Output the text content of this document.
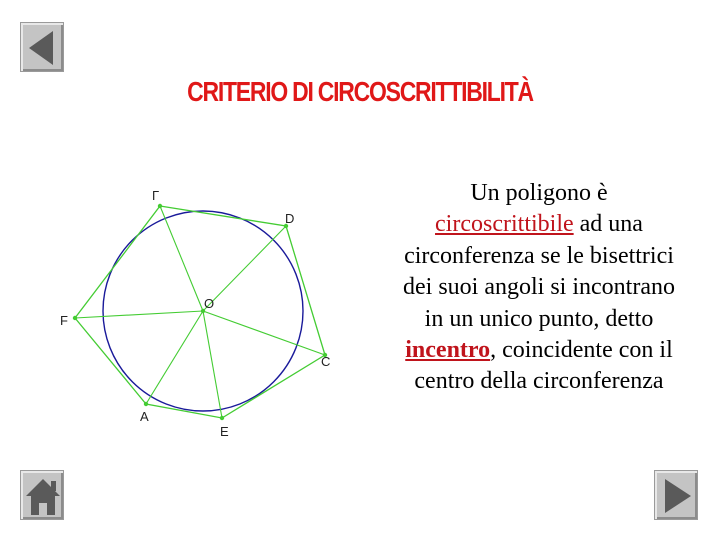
CRITERIO DI CIRCOSCRITTIBILITÀ
Γ
D
O
F
C
A
E
Un poligono è
circoscrittibile ad una circonferenza se le bisettrici dei suoi angoli si incontrano in un unico punto, detto incentro, coincidente con il centro della circonferenza
